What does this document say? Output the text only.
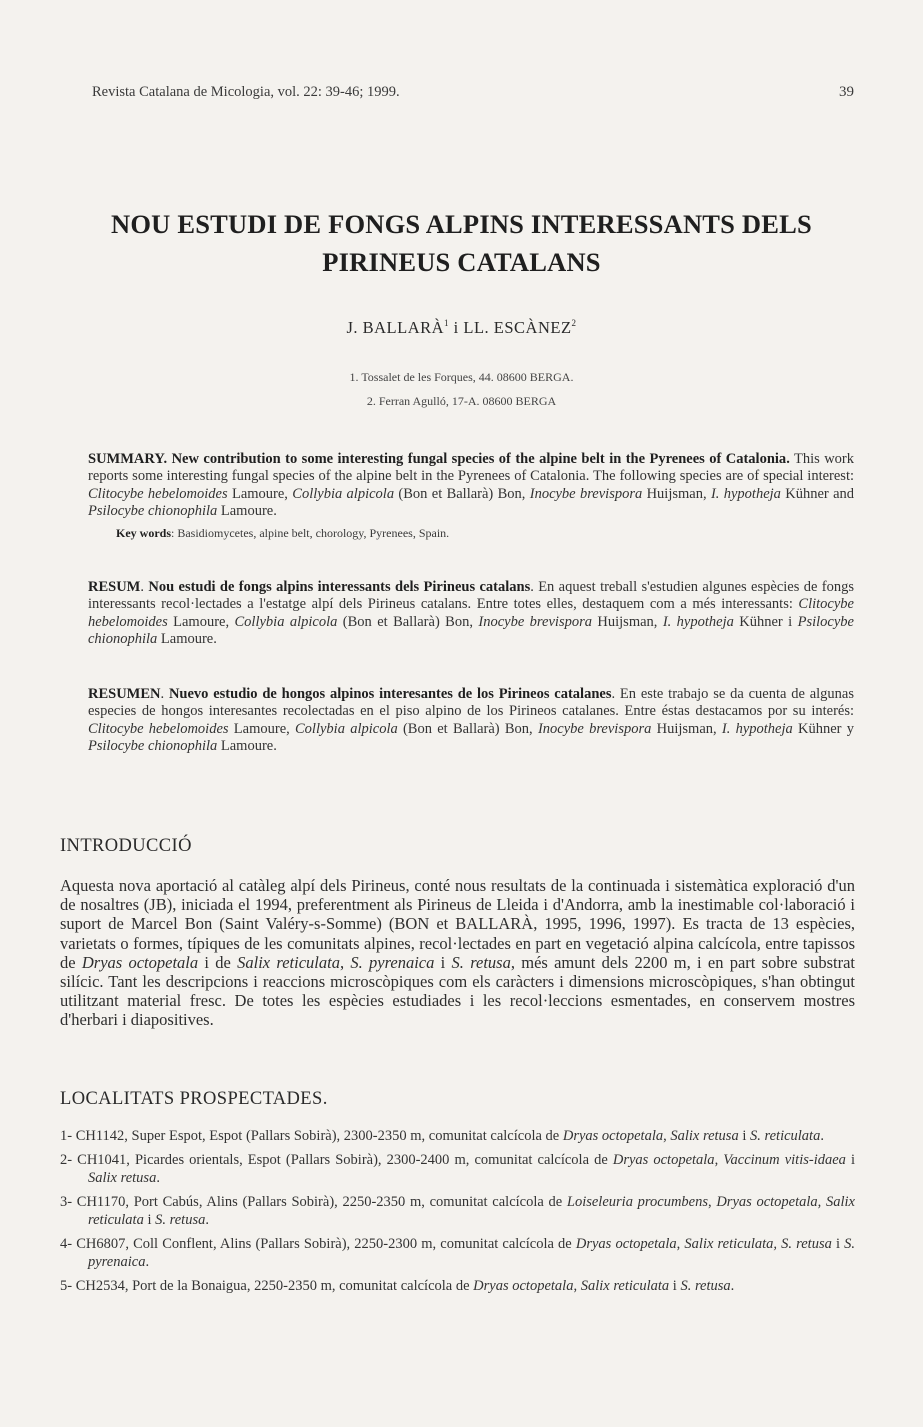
Revista Catalana de Micologia, vol. 22: 39-46; 1999.	39
NOU ESTUDI DE FONGS ALPINS INTERESSANTS DELS
PIRINEUS CATALANS
J. BALLARÀ$^1$ i LL. ESCÀNEZ$^2$
1. Tossalet de les Forques, 44. 08600 BERGA.
2. Ferran Agulló, 17-A. 08600 BERGA
SUMMARY. New contribution to some interesting fungal species of the alpine belt in the Pyrenees of Catalonia. This work reports some interesting fungal species of the alpine belt in the Pyrenees of Catalonia. The following species are of special interest: Clitocybe hebelomoides Lamoure, Collybia alpicola (Bon et Ballarà) Bon, Inocybe brevispora Huijsman, I. hypotheja Kühner and Psilocybe chionophila Lamoure.
Key words: Basidiomycetes, alpine belt, chorology, Pyrenees, Spain.
RESUM. Nou estudi de fongs alpins interessants dels Pirineus catalans. En aquest treball s'estudien algunes espècies de fongs interessants recol·lectades a l'estatge alpí dels Pirineus catalans. Entre totes elles, destaquem com a més interessants: Clitocybe hebelomoides Lamoure, Collybia alpicola (Bon et Ballarà) Bon, Inocybe brevispora Huijsman, I. hypotheja Kühner i Psilocybe chionophila Lamoure.
RESUMEN. Nuevo estudio de hongos alpinos interesantes de los Pirineos catalanes. En este trabajo se da cuenta de algunas especies de hongos interesantes recolectadas en el piso alpino de los Pirineos catalanes. Entre éstas destacamos por su interés: Clitocybe hebelomoides Lamoure, Collybia alpicola (Bon et Ballarà) Bon, Inocybe brevispora Huijsman, I. hypotheja Kühner y Psilocybe chionophila Lamoure.
INTRODUCCIÓ
Aquesta nova aportació al catàleg alpí dels Pirineus, conté nous resultats de la continuada i sistemàtica exploració d'un de nosaltres (JB), iniciada el 1994, preferentment als Pirineus de Lleida i d'Andorra, amb la inestimable col·laboració i suport de Marcel Bon (Saint Valéry-s-Somme) (BON et BALLARÀ, 1995, 1996, 1997). Es tracta de 13 espècies, varietats o formes, típiques de les comunitats alpines, recol·lectades en part en vegetació alpina calcícola, entre tapissos de Dryas octopetala i de Salix reticulata, S. pyrenaica i S. retusa, més amunt dels 2200 m, i en part sobre substrat silícic. Tant les descripcions i reaccions microscòpiques com els caràcters i dimensions microscòpiques, s'han obtingut utilitzant material fresc. De totes les espècies estudiades i les recol·leccions esmentades, en conservem mostres d'herbari i diapositives.
LOCALITATS PROSPECTADES.
1- CH1142, Super Espot, Espot (Pallars Sobirà), 2300-2350 m, comunitat calcícola de Dryas octopetala, Salix retusa i S. reticulata.
2- CH1041, Picardes orientals, Espot (Pallars Sobirà), 2300-2400 m, comunitat calcícola de Dryas octopetala, Vaccinum vitis-idaea i Salix retusa.
3- CH1170, Port Cabús, Alins (Pallars Sobirà), 2250-2350 m, comunitat calcícola de Loiseleuria procumbens, Dryas octopetala, Salix reticulata i S. retusa.
4- CH6807, Coll Conflent, Alins (Pallars Sobirà), 2250-2300 m, comunitat calcícola de Dryas octopetala, Salix reticulata, S. retusa i S. pyrenaica.
5- CH2534, Port de la Bonaigua, 2250-2350 m, comunitat calcícola de Dryas octopetala, Salix reticulata i S. retusa.
